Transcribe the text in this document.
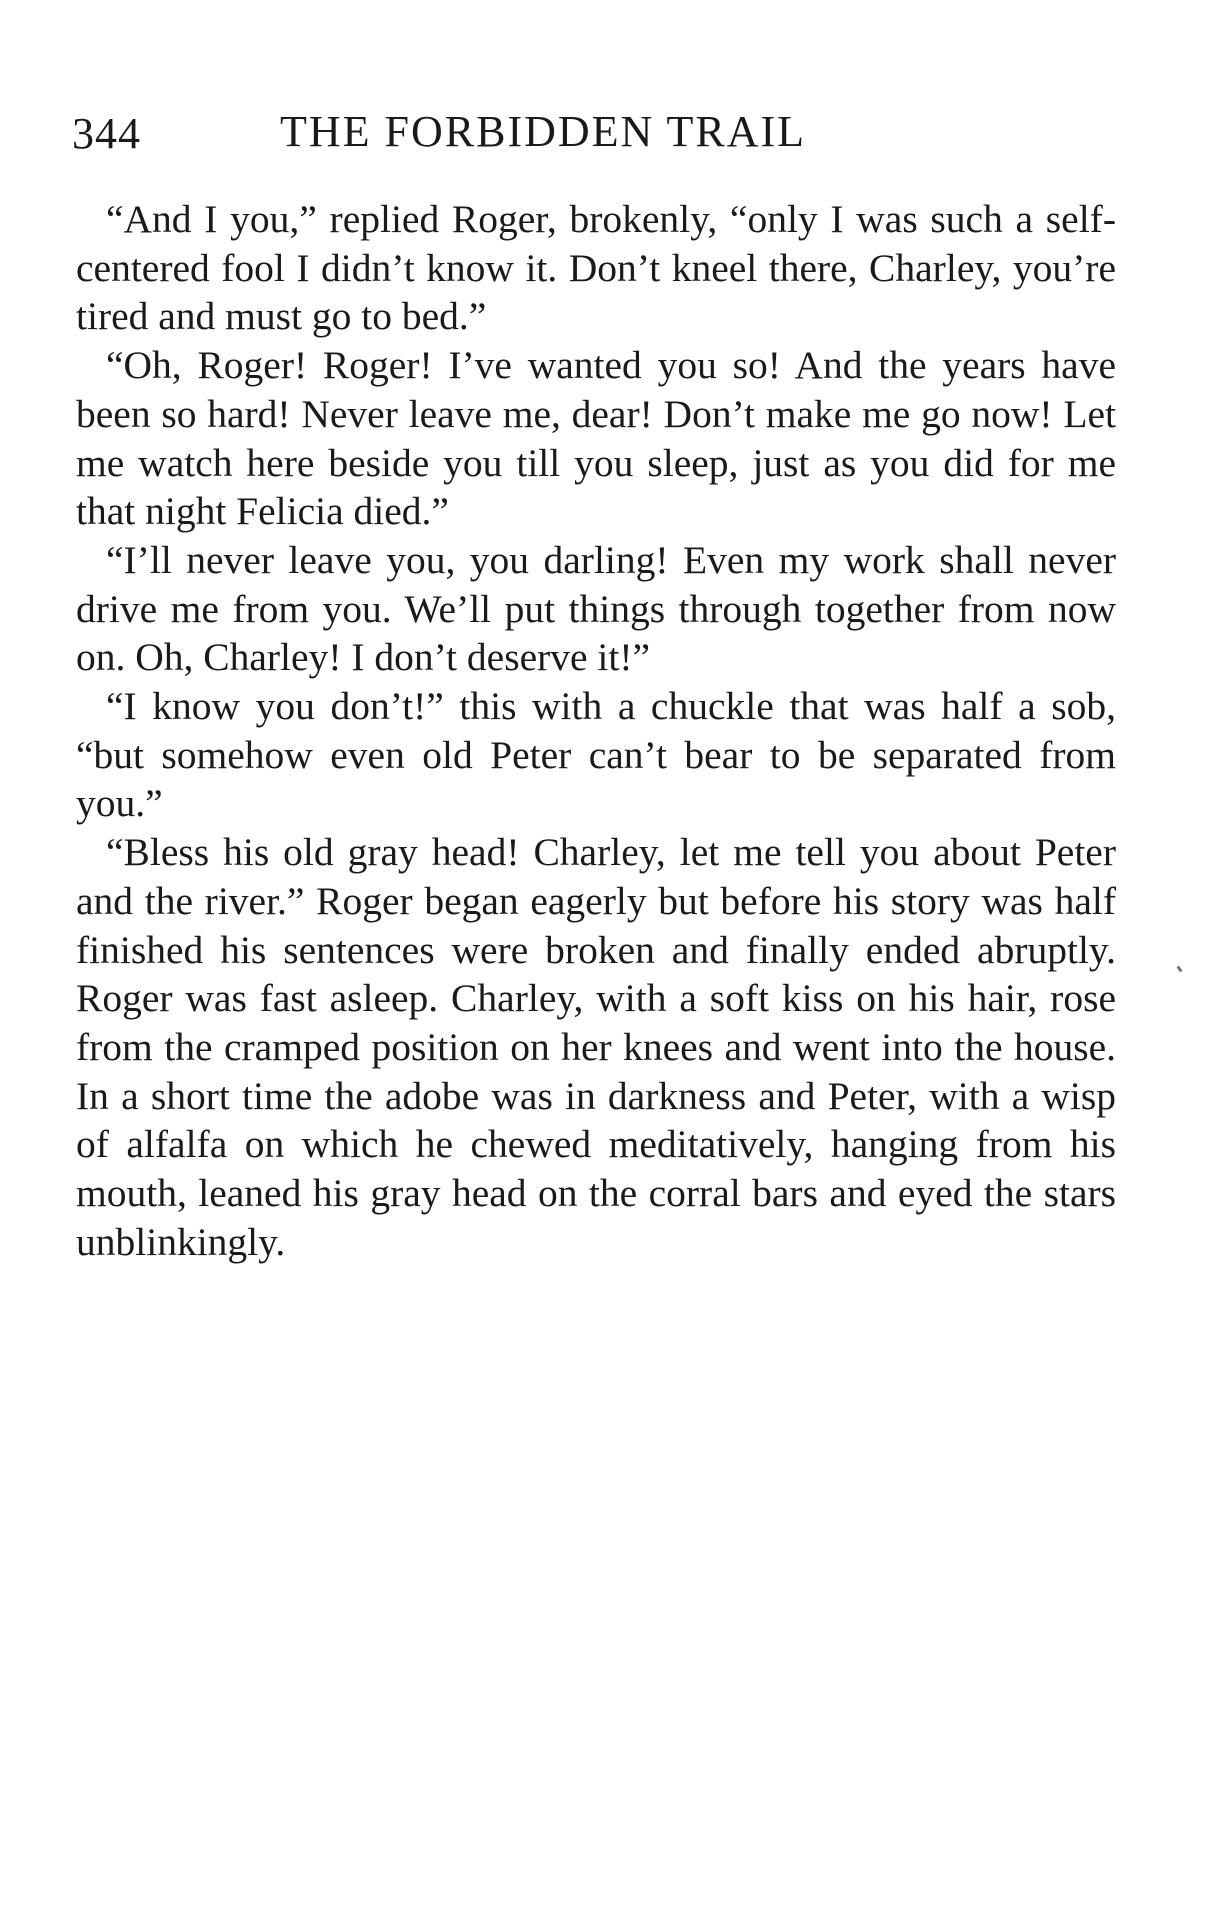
344	THE FORBIDDEN TRAIL

“And I you,” replied Roger, brokenly, “only I was such a self-centered fool I didn’t know it. Don’t kneel there, Charley, you’re tired and must go to bed.”

“Oh, Roger! Roger! I’ve wanted you so! And the years have been so hard! Never leave me, dear! Don’t make me go now! Let me watch here beside you till you sleep, just as you did for me that night Felicia died.”

“I’ll never leave you, you darling! Even my work shall never drive me from you. We’ll put things through together from now on. Oh, Charley! I don’t deserve it!”

“I know you don’t!” this with a chuckle that was half a sob, “but somehow even old Peter can’t bear to be separated from you.”

“Bless his old gray head! Charley, let me tell you about Peter and the river.” Roger began eagerly but before his story was half finished his sentences were broken and finally ended abruptly. Roger was fast asleep. Charley, with a soft kiss on his hair, rose from the cramped position on her knees and went into the house. In a short time the adobe was in darkness and Peter, with a wisp of alfalfa on which he chewed meditatively, hanging from his mouth, leaned his gray head on the corral bars and eyed the stars unblinkingly.
